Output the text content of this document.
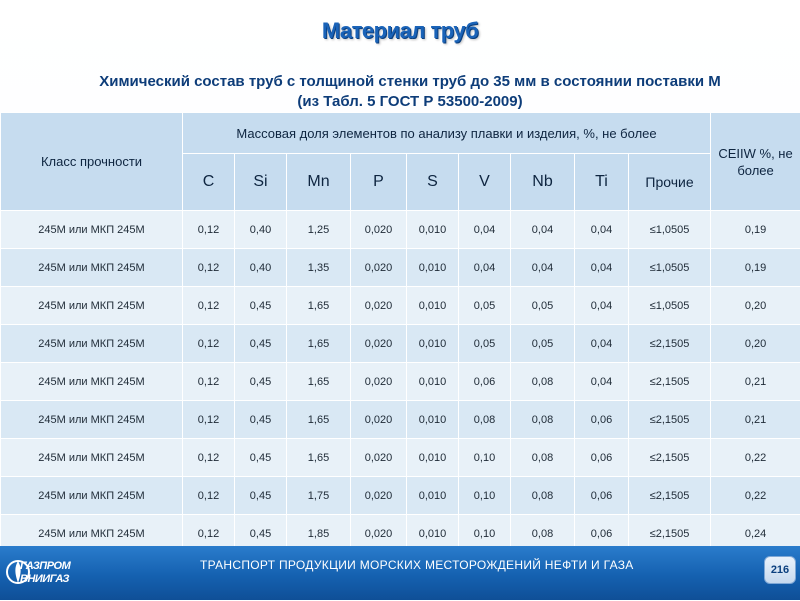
Материал труб
Химический состав труб с толщиной стенки труб до 35 мм в состоянии поставки М
(из Табл. 5 ГОСТ Р 53500-2009)
Класс прочности	Массовая доля элементов по анализу плавки и изделия, %, не более									CEIIW %, не более
	C	Si	Mn	P	S	V	Nb	Ti	Прочие	
245М или МКП 245М	0,12	0,40	1,25	0,020	0,010	0,04	0,04	0,04	≤1,0505	0,19
245М или МКП 245М	0,12	0,40	1,35	0,020	0,010	0,04	0,04	0,04	≤1,0505	0,19
245М или МКП 245М	0,12	0,45	1,65	0,020	0,010	0,05	0,05	0,04	≤1,0505	0,20
245М или МКП 245М	0,12	0,45	1,65	0,020	0,010	0,05	0,05	0,04	≤2,1505	0,20
245М или МКП 245М	0,12	0,45	1,65	0,020	0,010	0,06	0,08	0,04	≤2,1505	0,21
245М или МКП 245М	0,12	0,45	1,65	0,020	0,010	0,08	0,08	0,06	≤2,1505	0,21
245М или МКП 245М	0,12	0,45	1,65	0,020	0,010	0,10	0,08	0,06	≤2,1505	0,22
245М или МКП 245М	0,12	0,45	1,75	0,020	0,010	0,10	0,08	0,06	≤2,1505	0,22
245М или МКП 245М	0,12	0,45	1,85	0,020	0,010	0,10	0,08	0,06	≤2,1505	0,24
ТРАНСПОРТ ПРОДУКЦИИ МОРСКИХ МЕСТОРОЖДЕНИЙ НЕФТИ И ГАЗА
ГАЗПРОМ
ВНИИГАЗ
216
